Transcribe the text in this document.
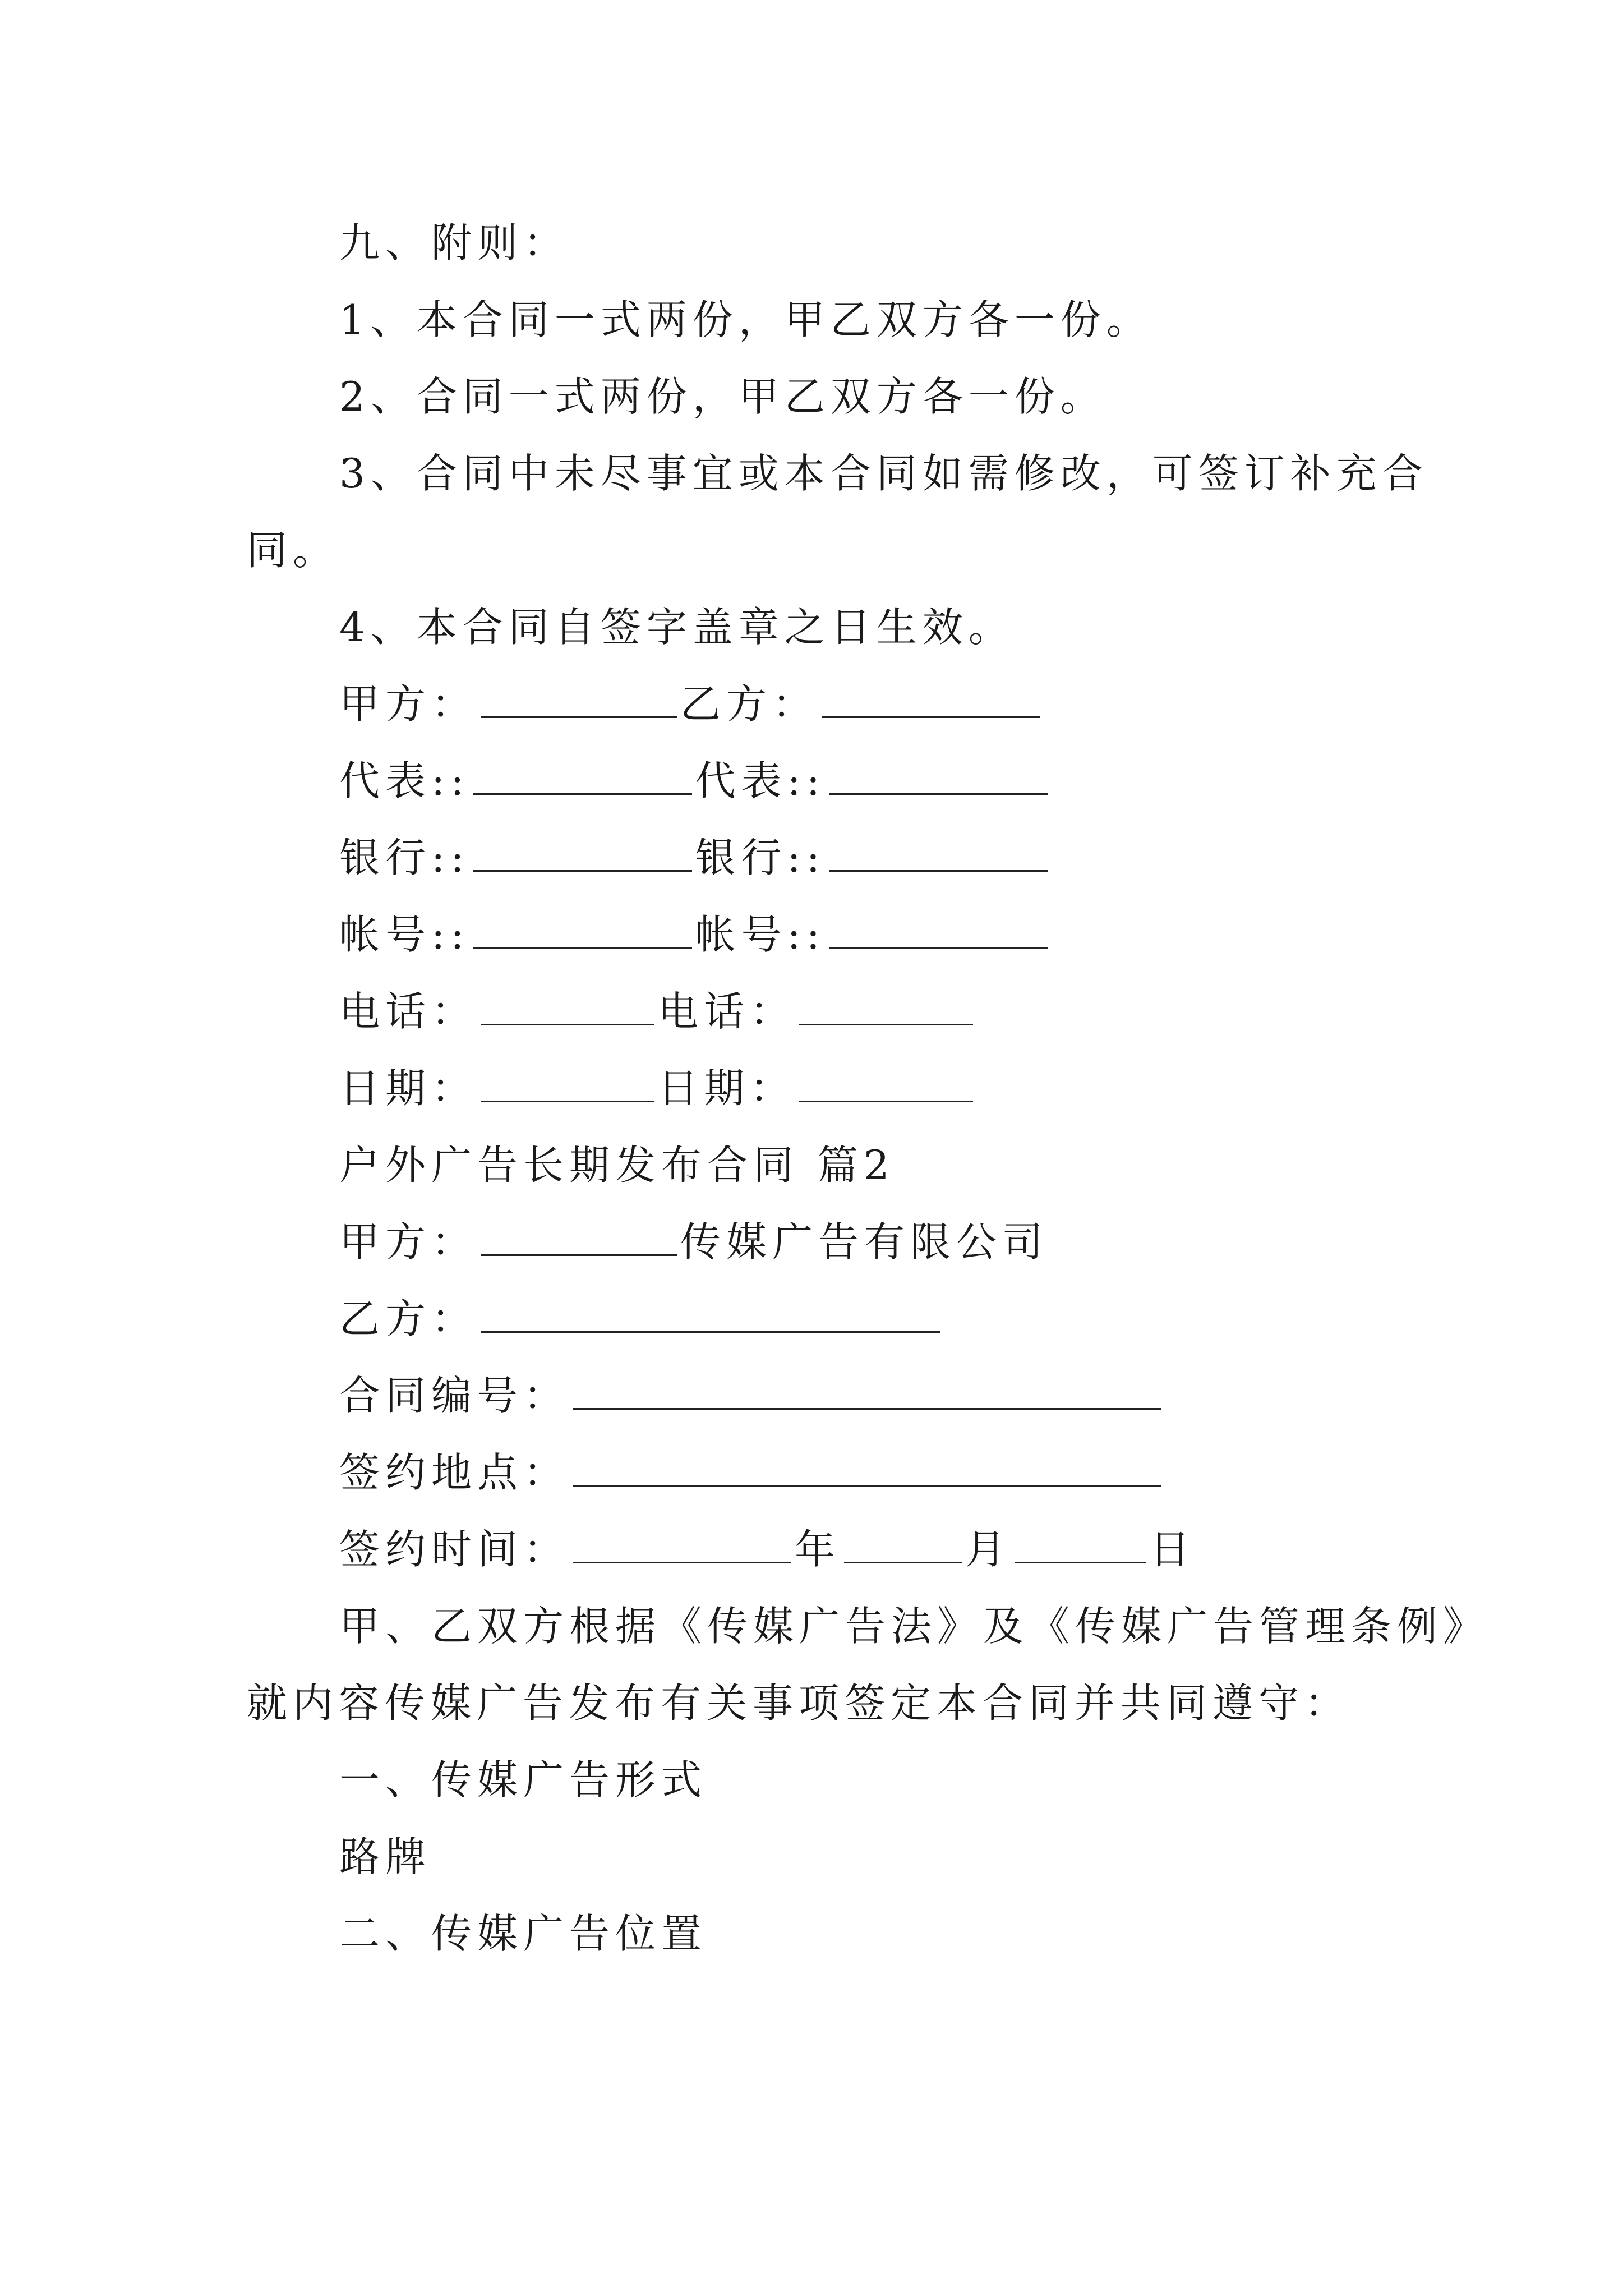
九、附则：
1、本合同一式两份，甲乙双方各一份。
2、合同一式两份，甲乙双方各一份。
3、合同中未尽事宜或本合同如需修改，可签订补充合
同。
4、本合同自签字盖章之日生效。
甲方：	乙方：
代表::	代表::
银行::	银行::
帐号::	帐号::
电话：	电话：
日期：	日期：
户外广告长期发布合同 篇2
甲方：	传媒广告有限公司
乙方：
合同编号：
签约地点：
签约时间：	年	月	日
甲、乙双方根据《传媒广告法》及《传媒广告管理条例》
就内容传媒广告发布有关事项签定本合同并共同遵守：
一、传媒广告形式
路牌
二、传媒广告位置
